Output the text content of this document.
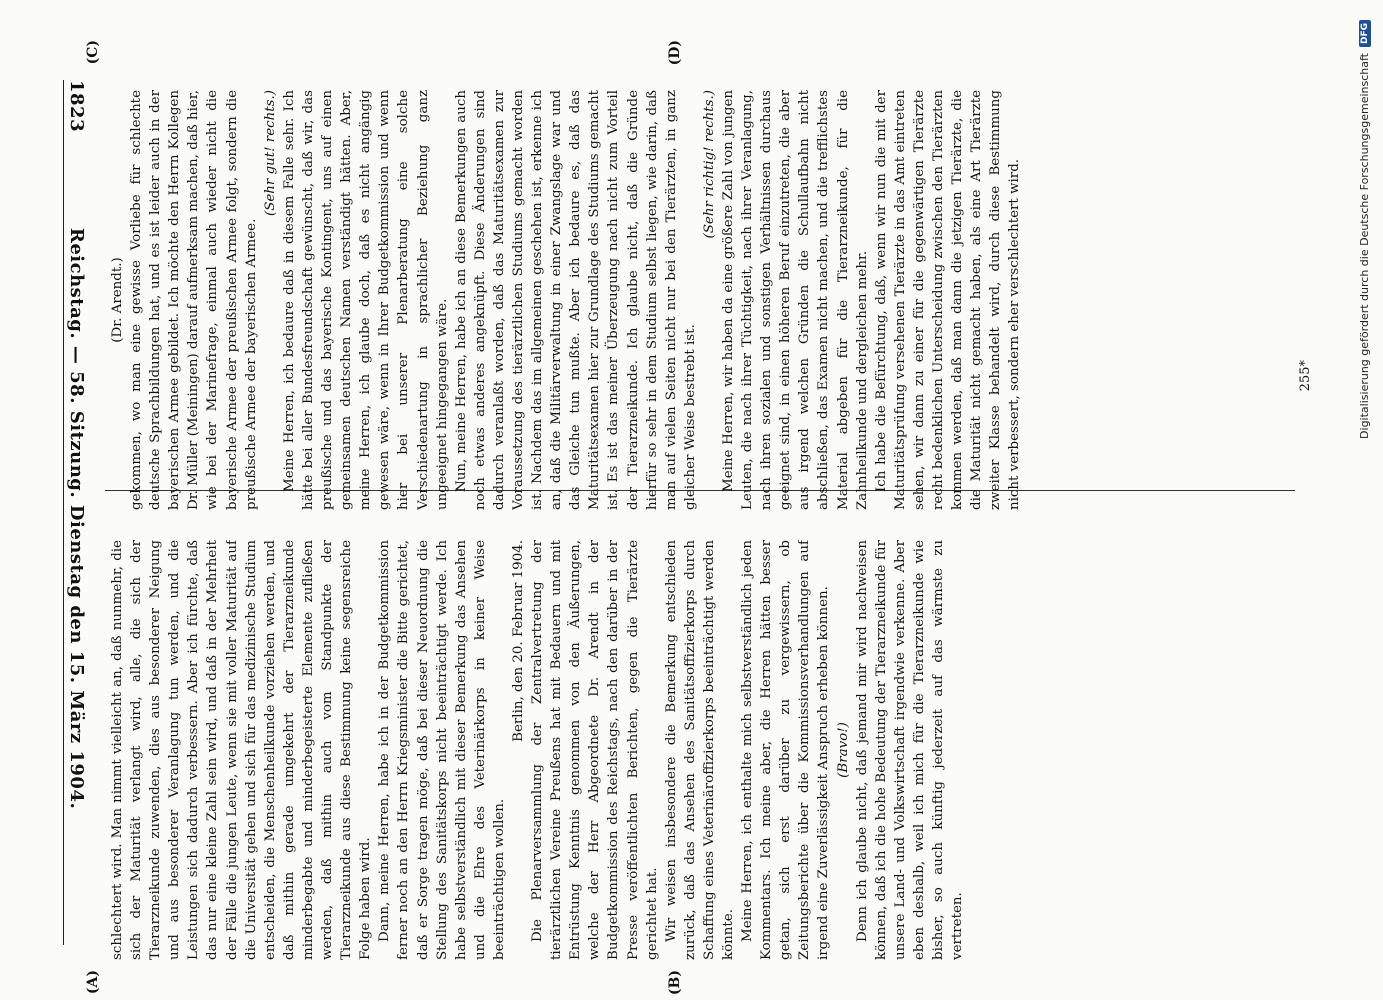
1823
Reichstag. — 58. Sitzung. Dienstag den 15. März 1904. (Dr. Arendt.) gekommen, wo man eine gewisse Vorliebe für schlechte deutsche Sprachbildungen hat, und es ist leider auch in der bayerischen Armee gebildet. Ich möchte den Herrn Kollegen Dr. Müller (Meiningen) darauf aufmerksam machen, daß hier, wie bei der Marinefrage, einmal auch wieder nicht die bayerische Armee der preußischen Armee folgt, sondern die preußische Armee der bayerischen Armee.

(Sehr gut! rechts.) Meine Herren, ich bedaure daß in diesem Falle sehr. Ich hätte bei aller Bundesfreundschaft gewünscht, daß wir, das preußische und das bayerische Kontingent, uns auf einen gemeinsamen deutschen Namen verständigt hätten. Aber, meine Herren, ich glaube doch, daß es nicht angängig gewesen wäre, wenn in Ihrer Budgetkommission und wenn hier bei unserer Plenarberatung eine solche Verschiedenartung in sprachlicher Beziehung ganz ungeeignet hingegangen wäre. Nun, meine Herren, habe ich an diese Bemerkungen auch noch etwas anderes angeknüpft. Diese Änderungen sind dadurch veranlaßt worden, daß das Maturitätsexamen zur Voraussetzung des tierärztlichen Studiums gemacht worden ist. Nachdem das im allgemeinen geschehen ist, erkenne ich an, daß die Militärverwaltung in einer Zwangslage war und das Gleiche tun mußte. Aber ich bedaure es, daß das Maturitätsexamen hier zur Grundlage des Studiums gemacht ist. Es ist das meiner Überzeugung nach nicht zum Vorteil der Tierarzneikunde. Ich glaube nicht, daß die Gründe hierfür so sehr in dem Studium selbst liegen, wie darin, daß man auf vielen Seiten nicht nur bei den Tierärzten, in ganz gleicher Weise bestrebt ist.

(Sehr richtig! rechts.) Meine Herren, wir haben da eine größere Zahl von jungen Leuten, die nach ihrer Tüchtigkeit, nach ihrer Veranlagung, nach ihren sozialen und sonstigen Verhältnissen durchaus geeignet sind, in einen höheren Beruf einzutreten, die aber aus irgend welchen Gründen die Schullaufbahn nicht abschließen, das Examen nicht machen, und die trefflichstes Material abgeben für die Tierarzneikunde, für die Zahnheilkunde und dergleichen mehr. Ich habe die Befürchtung, daß, wenn wir nun die mit der Maturitätsprüfung versehenen Tierärzte in das Amt eintreten sehen, wir dann zu einer für die gegenwärtigen Tierärzte recht bedenklichen Unterscheidung zwischen den Tierärzten kommen werden, daß man dann die jetzigen Tierärzte, die die Maturität nicht gemacht haben, als eine Art Tierärzte zweiter Klasse behandelt wird, durch diese Bestimmung nicht verbessert, sondern eher verschlechtert wird.

schlechtert wird. Man nimmt vielleicht an, daß nunmehr, die sich der Maturität verlangt wird, alle, die sich der Tierarzneikunde zuwenden, dies aus besonderer Neigung und aus besonderer Veranlagung tun werden, und die Leistungen sich dadurch verbessern. Aber ich fürchte, daß das nur eine kleine Zahl sein wird, und daß in der Mehrheit der Fälle die jungen Leute, wenn sie mit voller Maturität auf die Universität gehen und sich für das medizinische Studium entscheiden, die Menschenheilkunde vorziehen werden, und daß mithin gerade umgekehrt der Tierarzneikunde minderbegabte und minderbegeisterte Elemente zufließen werden, daß mithin auch vom Standpunkte der Tierarzneikunde aus diese Bestimmung keine segensreiche Folge haben wird. Dann, meine Herren, habe ich in der Budgetkommission ferner noch an den Herrn Kriegsminister die Bitte gerichtet, daß er Sorge tragen möge, daß bei dieser Neuordnung die Stellung des Sanitätskorps nicht beeinträchtigt werde. Ich habe selbstverständlich mit dieser Bemerkung das Ansehen und die Ehre des Veterinärkorps in keiner Weise beeinträchtigen wollen.

Berlin, den 20. Februar 1904. Die Plenarversammlung der Zentralvertretung der tierärztlichen Vereine Preußens hat mit Bedauern und mit Entrüstung Kenntnis genommen von den Äußerungen, welche der Herr Abgeordnete Dr. Arendt in der Budgetkommission des Reichstags, nach den darüber in der Presse veröffentlichten Berichten, gegen die Tierärzte gerichtet hat. Wir weisen insbesondere die Bemerkung entschieden zurück, daß das Ansehen des Sanitätsoffizierkorps durch Schaffung eines Veterinäroffizierkorps beeinträchtigt werden könnte. Meine Herren, ich enthalte mich selbstverständlich jeden Kommentars. Ich meine aber, die Herren hätten besser getan, sich erst darüber zu vergewissern, ob Zeitungsberichte über die Kommissionsverhandlungen auf irgend eine Zuverlässigkeit Anspruch erheben können. (Bravo!) Denn ich glaube nicht, daß jemand mir wird nachweisen können, daß ich die hohe Bedeutung der Tierarzneikunde für unsere Land- und Volkswirtschaft irgendwie verkenne. Aber eben deshalb, weil ich mich für die Tierarzneikunde wie bisher, so auch künftig jederzeit auf das wärmste zu vertreten.

(A)	(B)
(C)	(D)
255*	Digitalisierung gefördert durch die Deutsche Forschungsgemeinschaft
DFG
